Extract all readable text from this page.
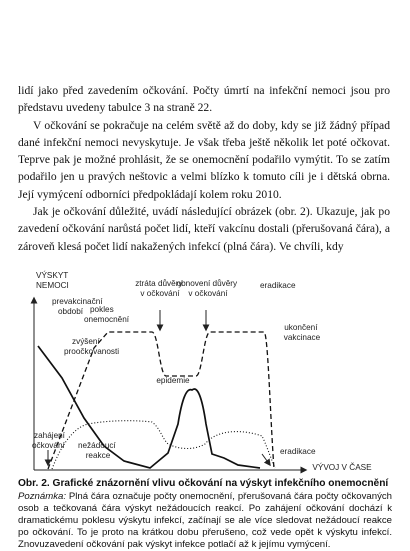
lidí jako před zavedením očkování. Počty úmrtí na infekční nemoci jsou pro představu uvedeny tabulce 3 na straně 22.

V očkování se pokračuje na celém světě až do doby, kdy se již žádný případ dané infekční nemoci nevyskytuje. Je však třeba ještě několik let poté očkovat. Teprve pak je možné prohlásit, že se onemocnění podařilo vymýtit. To se zatím podařilo jen u pravých neštovic a velmi blízko k tomuto cíli je i dětská obrna. Její vymýcení odborníci předpokládají kolem roku 2010.

Jak je očkování důležité, uvádí následující obrázek (obr. 2). Ukazuje, jak po zavedení očkování narůstá počet lidí, kteří vakcínu dostali (přerušovaná čára), a zároveň klesá počet lidí nakažených infekcí (plná čára). Ve chvíli, kdy

VÝSKYT
NEMOCI
VÝVOJ V ČASE
prevakcinační období
ztráta důvěry v očkování
obnovení důvěry v očkování
eradikace
pokles onemocnění
ukončení vakcinace
zvýšení proočkovanosti
epidemie
zahájení očkování	nežádoucí reakce	eradikace
Obr. 2. Grafické znázornění vlivu očkování na výskyt infekčního onemocnění
Poznámka: Plná čára označuje počty onemocnění, přerušovaná čára počty očkovaných osob a tečkovaná čára výskyt nežádoucích reakcí. Po zahájení očkování dochází k dramatickému poklesu výskytu infekcí, začínají se ale více sledovat nežádoucí reakce po očkování. To je proto na krátkou dobu přerušeno, což vede opět k výskytu infekcí. Znovuzavedení očkování pak výskyt infekce potlačí až k jejímu vymýcení.
